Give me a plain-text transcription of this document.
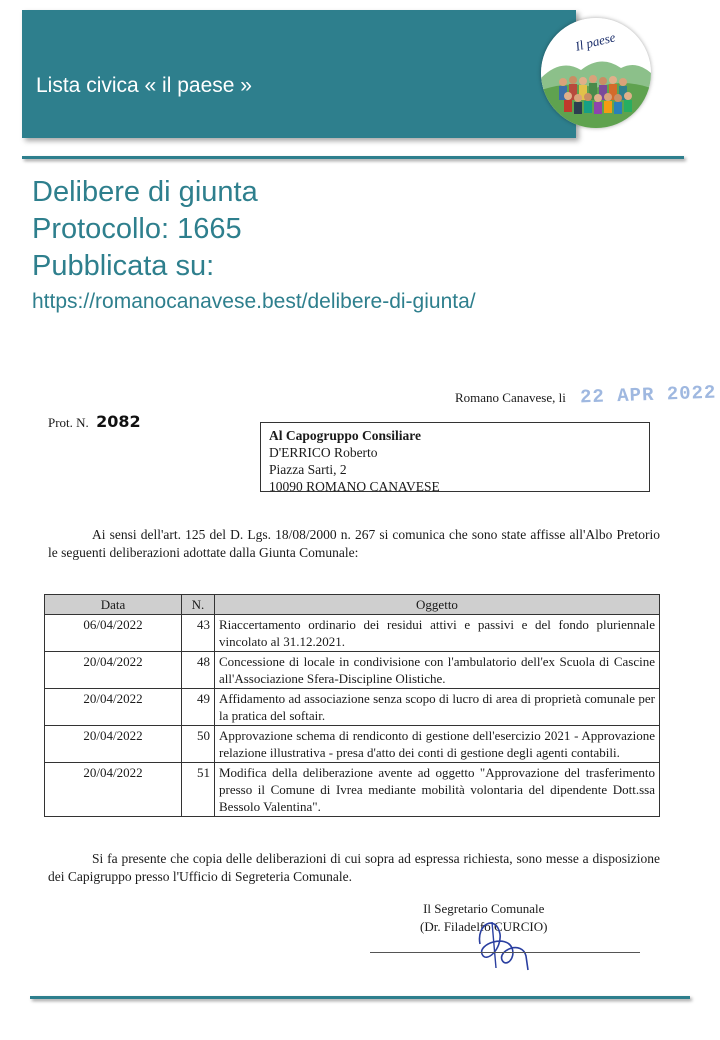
Lista civica « il paese »
Il paese
Delibere di giunta
Protocollo: 1665
Pubblicata su:
https://romanocanavese.best/delibere-di-giunta/
Romano Canavese, li 22 APR 2022
Prot. N. 2082
Al Capogruppo Consiliare
D'ERRICO Roberto
Piazza Sarti, 2
10090 ROMANO CANAVESE
Ai sensi dell'art. 125 del D. Lgs. 18/08/2000 n. 267 si comunica che sono state affisse all'Albo Pretorio le seguenti deliberazioni adottate dalla Giunta Comunale:
Data	N.	Oggetto
06/04/2022	43	Riaccertamento ordinario dei residui attivi e passivi e del fondo pluriennale vincolato al 31.12.2021.
20/04/2022	48	Concessione di locale in condivisione con l'ambulatorio dell'ex Scuola di Cascine all'Associazione Sfera-Discipline Olistiche.
20/04/2022	49	Affidamento ad associazione senza scopo di lucro di area di proprietà comunale per la pratica del softair.
20/04/2022	50	Approvazione schema di rendiconto di gestione dell'esercizio 2021 - Approvazione relazione illustrativa - presa d'atto dei conti di gestione degli agenti contabili.
20/04/2022	51	Modifica della deliberazione avente ad oggetto "Approvazione del trasferimento presso il Comune di Ivrea mediante mobilità volontaria del dipendente Dott.ssa Bessolo Valentina".
Si fa presente che copia delle deliberazioni di cui sopra ad espressa richiesta, sono messe a disposizione dei Capigruppo presso l'Ufficio di Segreteria Comunale.
Il Segretario Comunale
(Dr. Filadelfo CURCIO)
